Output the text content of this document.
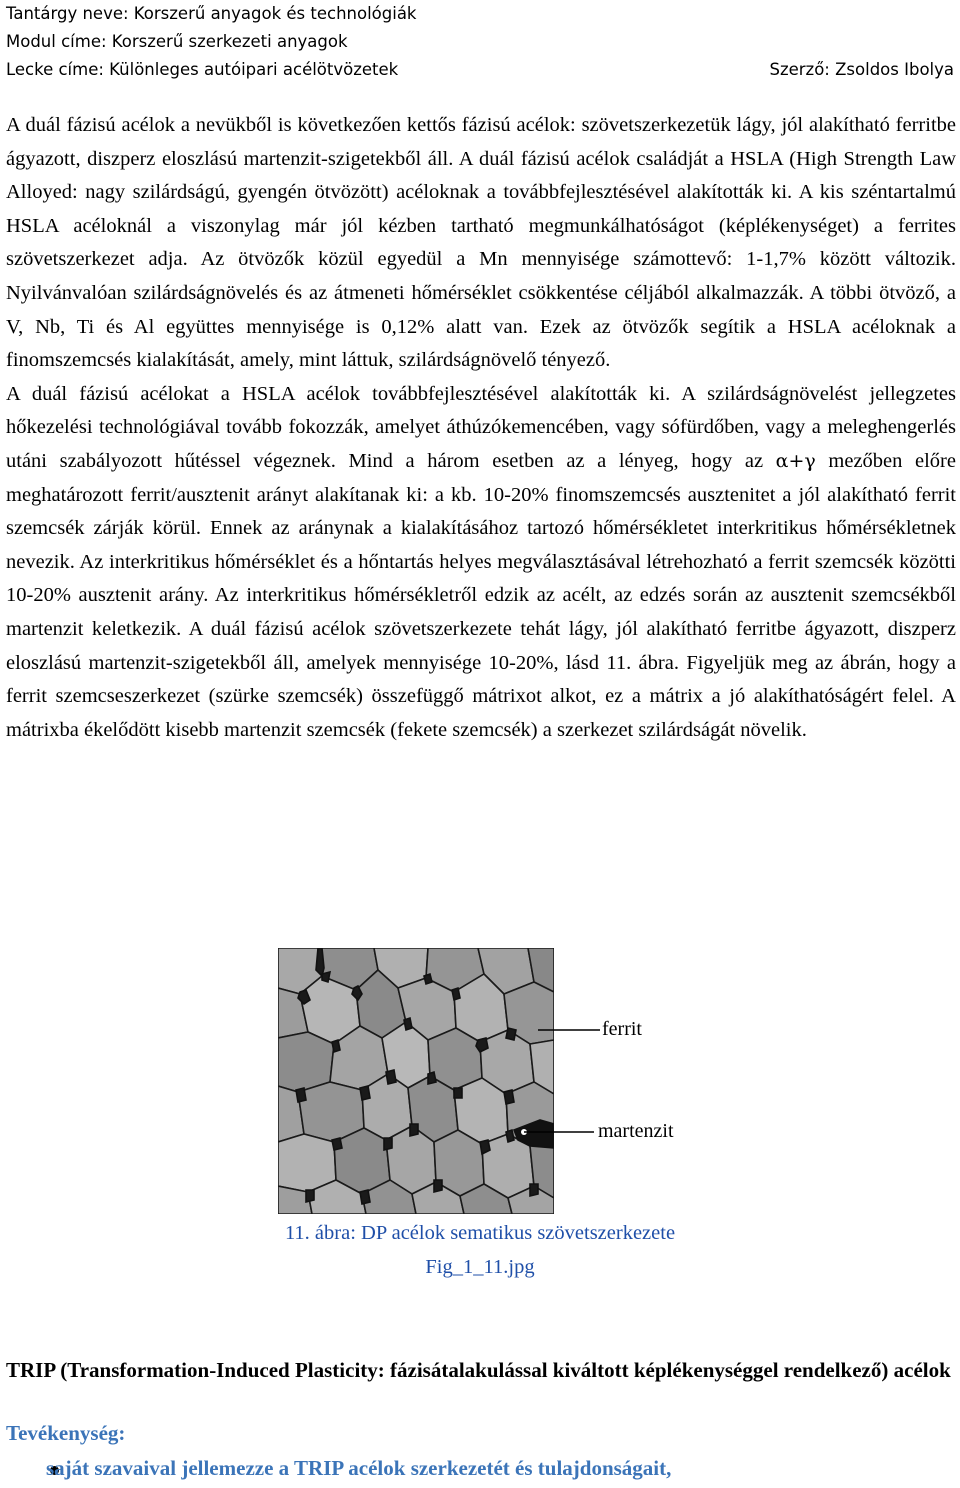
Tantárgy neve: Korszerű anyagok és technológiák
Modul címe: Korszerű szerkezeti anyagok
Lecke címe: Különleges autóipari acélötvözetek	Szerző: Zsoldos Ibolya

A duál fázisú acélok a nevükből is következően kettős fázisú acélok: szövetszerkezetük lágy, jól alakítható ferritbe ágyazott, diszperz eloszlású martenzit-szigetekből áll. A duál fázisú acélok családját a HSLA (High Strength Law Alloyed: nagy szilárdságú, gyengén ötvözött) acéloknak a továbbfejlesztésével alakították ki. A kis széntartalmú HSLA acéloknál a viszonylag már jól kézben tartható megmunkálhatóságot (képlékenységet) a ferrites szövetszerkezet adja. Az ötvözők közül egyedül a Mn mennyisége számottevő: 1-1,7% között változik. Nyilvánvalóan szilárdságnövelés és az átmeneti hőmérséklet csökkentése céljából alkalmazzák. A többi ötvöző, a V, Nb, Ti és Al együttes mennyisége is 0,12% alatt van. Ezek az ötvözők segítik a HSLA acéloknak a finomszemcsés kialakítását, amely, mint láttuk, szilárdságnövelő tényező.

A duál fázisú acélokat a HSLA acélok továbbfejlesztésével alakították ki. A szilárdságnövelést jellegzetes hőkezelési technológiával tovább fokozzák, amelyet áthúzókemencében, vagy sófürdőben, vagy a meleghengerlés utáni szabályozott hűtéssel végeznek. Mind a három esetben az a lényeg, hogy az α+γ mezőben előre meghatározott ferrit/ausztenit arányt alakítanak ki: a kb. 10-20% finomszemcsés ausztenitet a jól alakítható ferrit szemcsék zárják körül. Ennek az aránynak a kialakításához tartozó hőmérsékletet interkritikus hőmérsékletnek nevezik. Az interkritikus hőmérséklet és a hőntartás helyes megválasztásával létrehozható a ferrit szemcsék közötti 10-20% ausztenit arány. Az interkritikus hőmérsékletről edzik az acélt, az edzés során az ausztenit szemcsékből martenzit keletkezik. A duál fázisú acélok szövetszerkezete tehát lágy, jól alakítható ferritbe ágyazott, diszperz eloszlású martenzit-szigetekből áll, amelyek mennyisége 10-20%, lásd 11. ábra. Figyeljük meg az ábrán, hogy a ferrit szemcseszerkezet (szürke szemcsék) összefüggő mátrixot alkot, ez a mátrix a jó alakíthatóságért felel. A mátrixba ékelődött kisebb martenzit szemcsék (fekete szemcsék) a szerkezet szilárdságát növelik.

ferrit
martenzit
11. ábra: DP acélok sematikus szövetszerkezete
Fig_1_11.jpg
TRIP (Transformation-Induced Plasticity: fázisátalakulással kiváltott képlékenységgel rendelkező) acélok
Tevékenység:
saját szavaival jellemezze a TRIP acélok szerkezetét és tulajdonságait,
